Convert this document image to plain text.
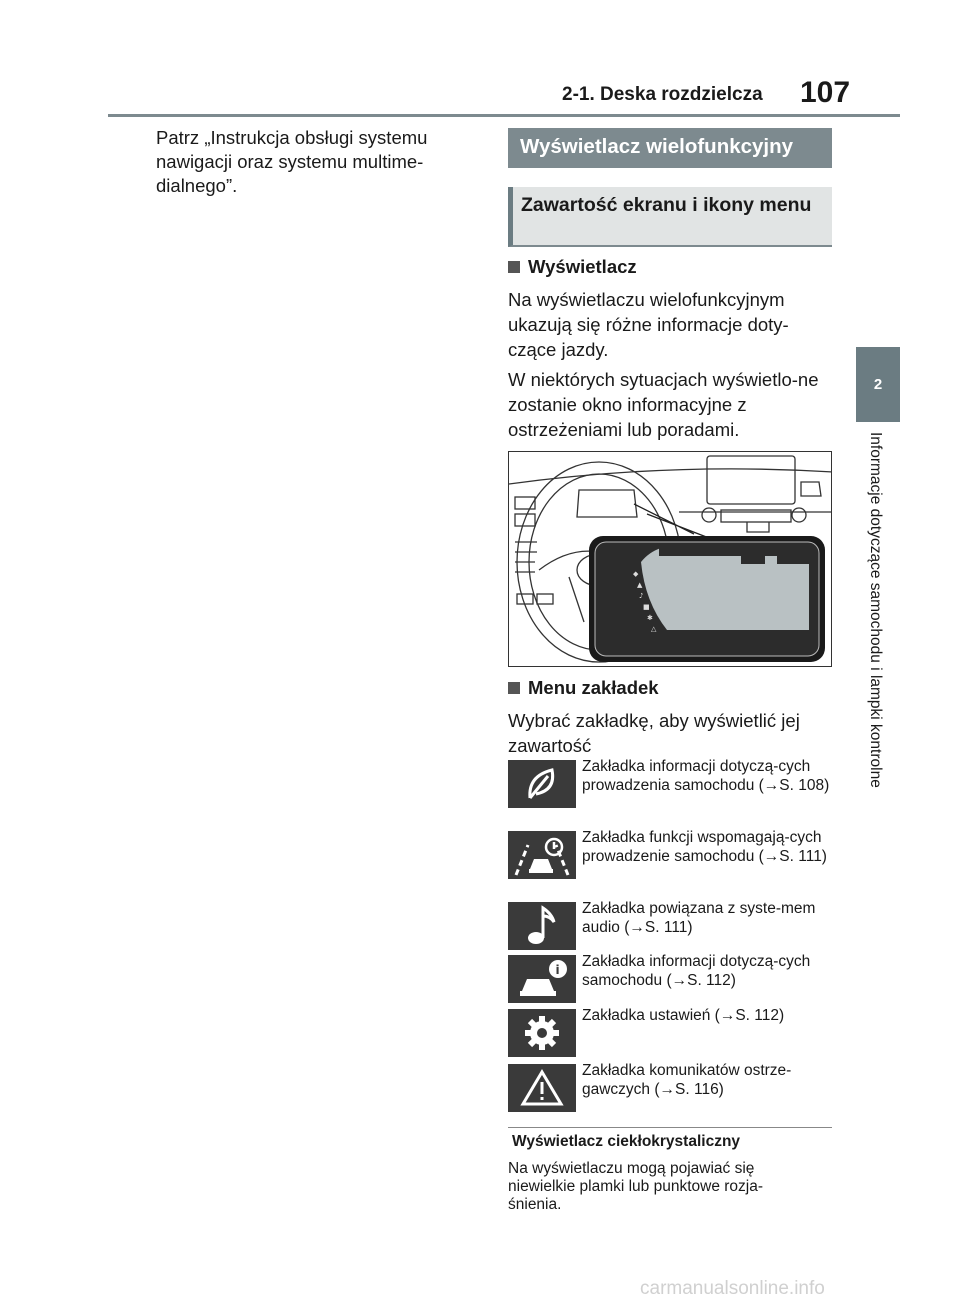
2-1. Deska rozdzielcza 107
2
Informacje dotyczące samochodu i lampki kontrolne
Patrz „Instrukcja obsługi systemu nawigacji oraz systemu multime-dialnego”.
Wyświetlacz wielofunkcyjny
Zawartość ekranu i ikony menu
Wyświetlacz
Na wyświetlaczu wielofunkcyjnym ukazują się różne informacje doty-czące jazdy.
W niektórych sytuacjach wyświetlo-ne zostanie okno informacyjne z ostrzeżeniami lub poradami.
◆
▲
♪
■
✱
△
Menu zakładek
Wybrać zakładkę, aby wyświetlić jej zawartość
Zakładka informacji dotyczą-cych prowadzenia samochodu (→S. 108)
Zakładka funkcji wspomagają-cych prowadzenie samochodu (→S. 111)
Zakładka powiązana z syste-mem audio (→S. 111)
i Zakładka informacji dotyczą-cych samochodu (→S. 112)
Zakładka ustawień (→S. 112)
Zakładka komunikatów ostrze-gawczych (→S. 116)
Wyświetlacz ciekłokrystaliczny
Na wyświetlaczu mogą pojawiać się niewielkie plamki lub punktowe rozja-śnienia.
carmanualsonline.info
